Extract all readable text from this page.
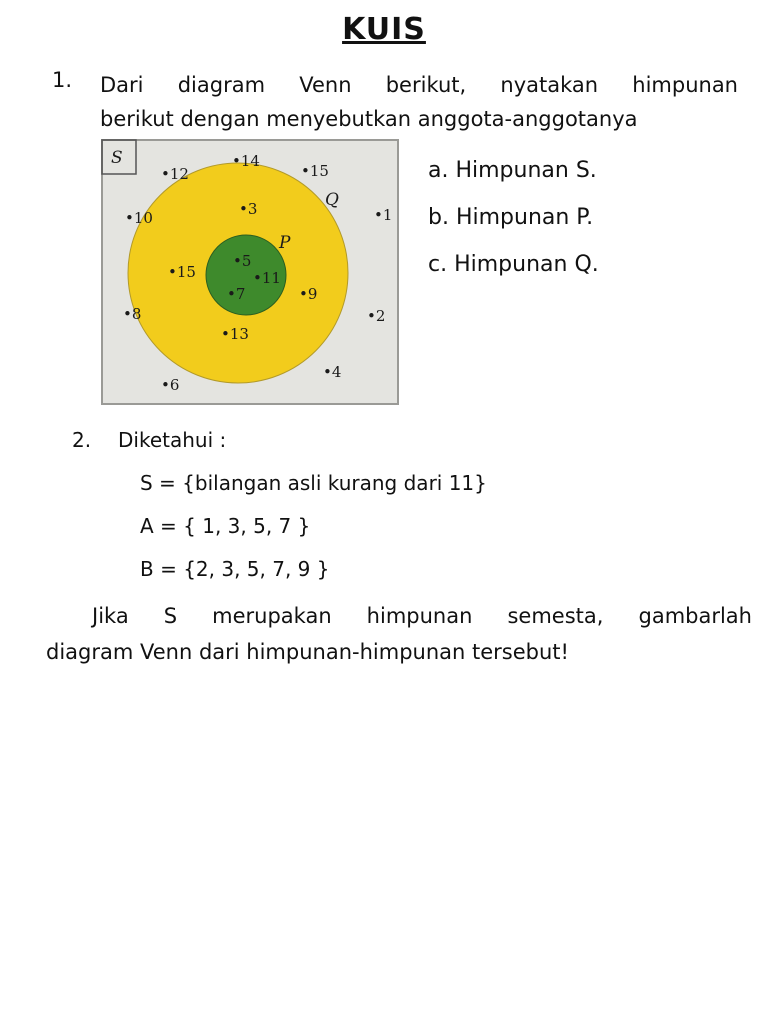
KUIS
1. Dari diagram Venn berikut, nyatakan himpunan
berikut dengan menyebutkan anggota-anggotanya
S
Q
P
•12
•14
•15
•10	•1
•8	•2
•6
•4
•3
•15
•9
•13
•5
•11
•7
a. Himpunan S.
b. Himpunan P.
c. Himpunan Q.
2. Diketahui :
S = {bilangan asli kurang dari 11}
A = { 1, 3, 5, 7 }
B = {2, 3, 5, 7, 9 }
Jika S merupakan himpunan semesta, gambarlah
diagram Venn dari himpunan-himpunan tersebut!
